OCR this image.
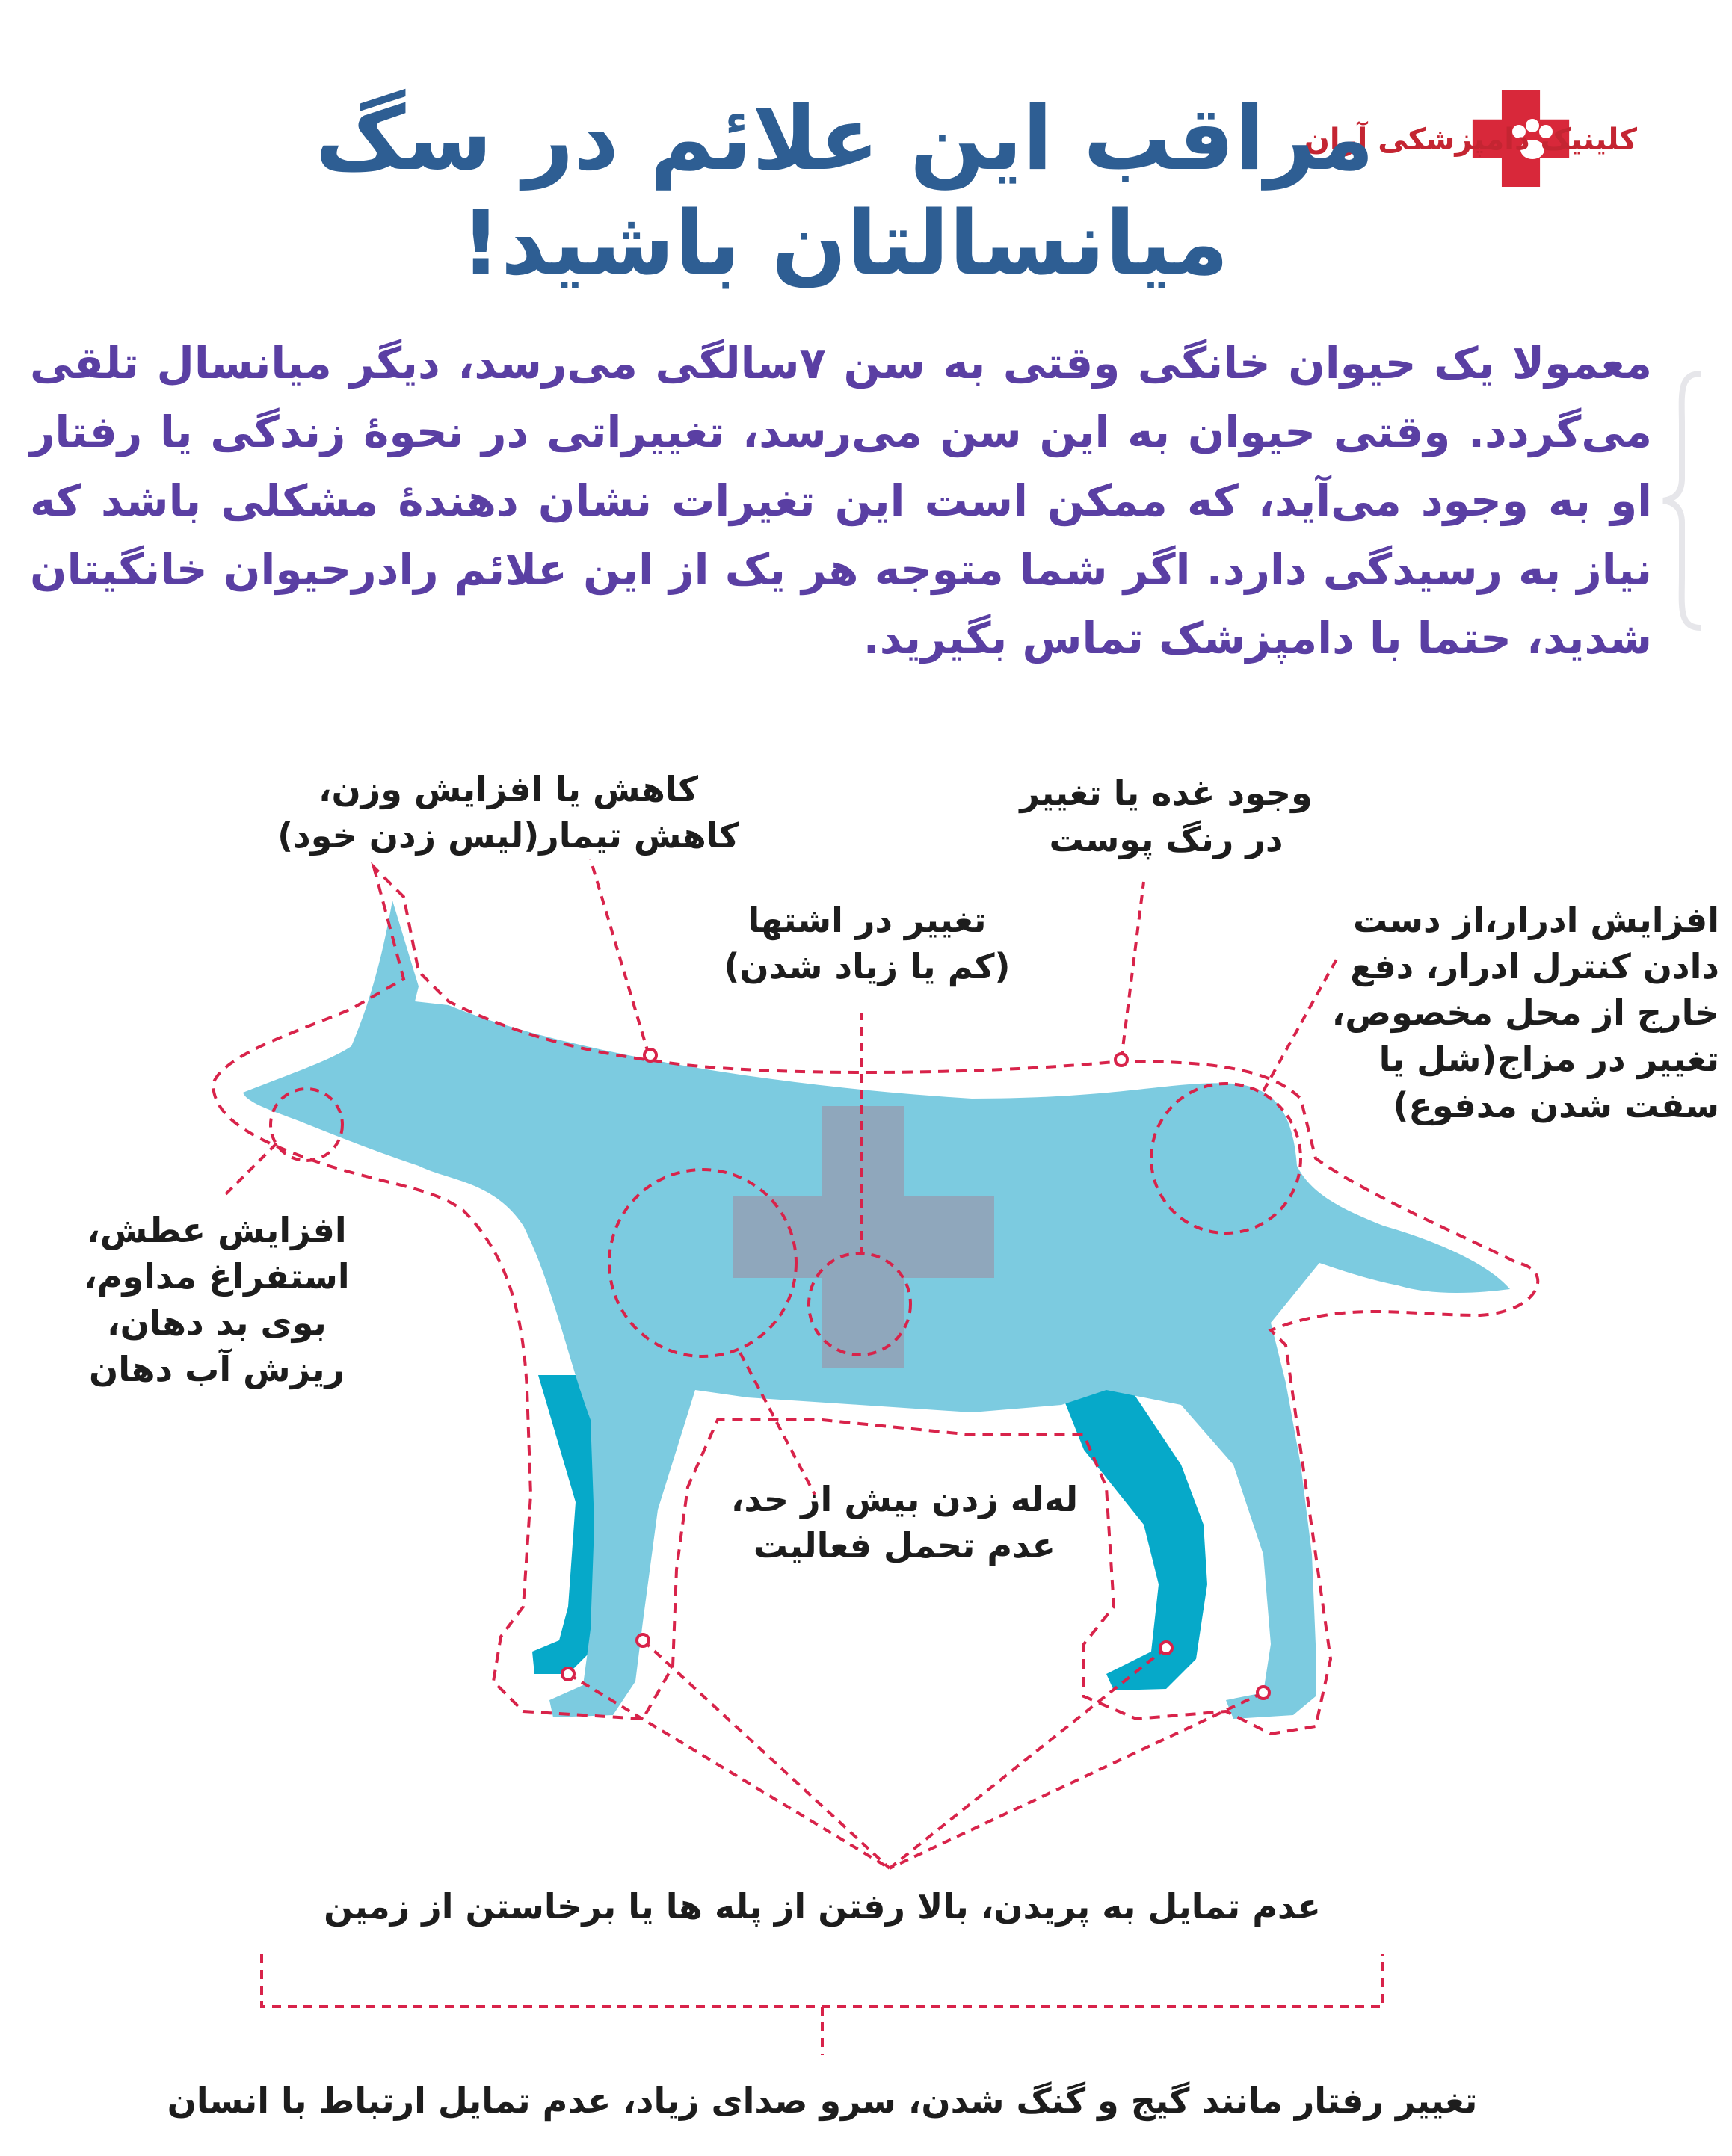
کلینیک دامپزشکی آران
مراقب این علائم در سگ
میانسالتان باشید!
معمولا یک حیوان خانگی وقتی به سن ۷سالگی می‌رسد، دیگر میانسال تلقی می‌گردد. وقتی حیوان به این سن می‌رسد، تغییراتی در نحوهٔ زندگی یا رفتار او به وجود می‌آید، که ممکن است این تغیرات نشان دهندهٔ مشکلی باشد که نیاز به رسیدگی دارد. اگر شما متوجه هر یک از این علائم رادرحیوان خانگیتان شدید، حتما با دامپزشک تماس بگیرید.
کاهش یا افزایش وزن،
کاهش تیمار(لیس زدن خود)
وجود غده یا تغییر
در رنگ پوست
تغییر در اشتها
(کم یا زیاد شدن)
افزایش ادرار،از دست
دادن کنترل ادرار، دفع
خارج از محل مخصوص،
تغییر در مزاج(شل یا
سفت شدن مدفوع)
افزایش عطش،
استفراغ مداوم،
بوی بد دهان،
ریزش آب دهان
له‌له زدن بیش از حد،
عدم تحمل فعالیت
عدم تمایل به پریدن، بالا رفتن از پله ها یا برخاستن از زمین
تغییر رفتار مانند گیج و گنگ شدن، سرو صدای زیاد، عدم تمایل ارتباط با انسان
